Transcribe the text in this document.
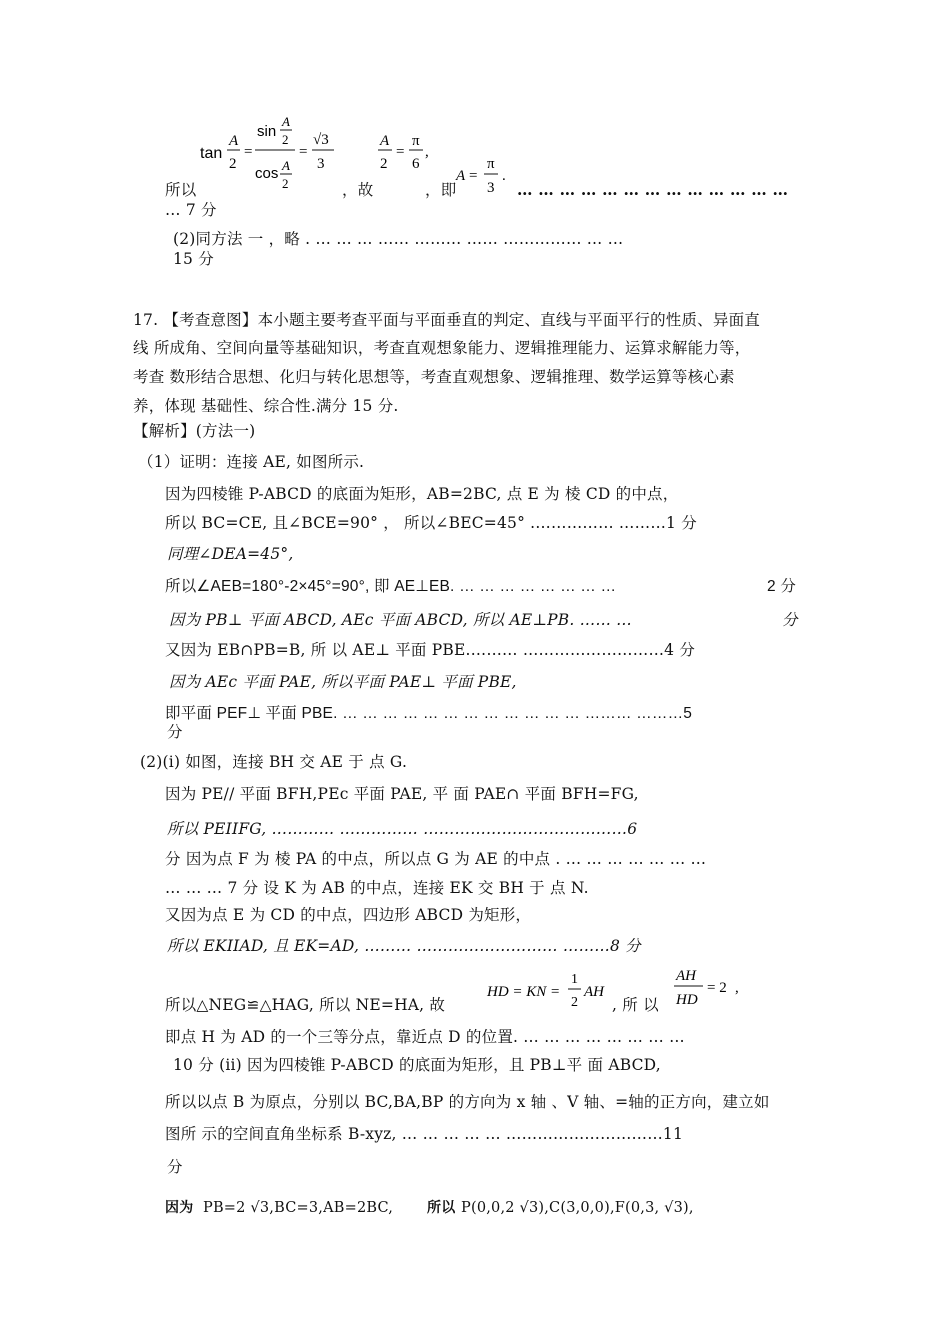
tan
A
2
=
sin
A
2
cos A
2
=
√3
3
A
2
=
π
6
,
A =
π
3
.
所以	，故	，即	… … … … … … … … … … … … …
… 7 分
(2)同方法 一 ，略 . … … … …… ……… …… …………… … …
15 分
17. 【考查意图】本小题主要考查平面与平面垂直的判定、直线与平面平行的性质、异面直
线 所成角、空间向量等基础知识，考查直观想象能力、逻辑推理能力、运算求解能力等，
考查 数形结合思想、化归与转化思想等，考查直观想象、逻辑推理、数学运算等核心素
养，体现 基础性、综合性.满分 15 分.
【解析】(方法一)
（1）证明：连接 AE, 如图所示.
因为四棱锥 P-ABCD 的底面为矩形，AB=2BC, 点 E 为 棱 CD 的中点，
所以 BC=CE, 且∠BCE=90° ， 所以∠BEC=45° .…………… ………1 分
同理∠DEA=45°,
所以∠AEB=180°-2×45°=90°, 即 AE⊥EB. … … … … … … … …	2 分
因为 PB⊥ 平面 ABCD, AEc 平面 ABCD, 所以 AE⊥PB. …… …	分
又因为 EB∩PB=B, 所 以 AE⊥ 平面 PBE.……… ………………………4 分
因为 AEc 平面 PAE, 所以平面 PAE⊥ 平面 PBE,
即平面 PEF⊥ 平面 PBE. … … … … … … … … … … … … ……… ………5
分
(2)(i) 如图，连接 BH 交 AE 于 点 G.
因为 PE// 平面 BFH,PEc 平面 PAE, 平 面 PAE∩ 平面 BFH=FG,
所以 PEIIFG, ………… …………… …………………………………6
分 因为点 F 为 棱 PA 的中点，所以点 G 为 AE 的中点 . … … … … … … …
… … … 7 分 设 K 为 AB 的中点，连接 EK 交 BH 于 点 N.
又因为点 E 为 CD 的中点，四边形 ABCD 为矩形，
所以 EKIIAD, 且 EK=AD, ……… ……………………… ………8 分
所以△NEG≌△HAG, 所以 NE=HA, 故
HD = KN =
1
2
AH
, 所 以
AH
HD
= 2 ,
即点 H 为 AD 的一个三等分点，靠近点 D 的位置. … … … … … … … …
10 分 (ii) 因为四棱锥 P-ABCD 的底面为矩形，且 PB⊥平 面 ABCD,
所以以点 B 为原点，分别以 BC,BA,BP 的方向为 x 轴 、V 轴、=轴的正方向，建立如
图所 示的空间直角坐标系 B-xyz, … … … … … …………………………11
分
因为 PB=2 √3,BC=3,AB=2BC, 所以 P(0,0,2 √3),C(3,0,0),F(0,3, √3),
